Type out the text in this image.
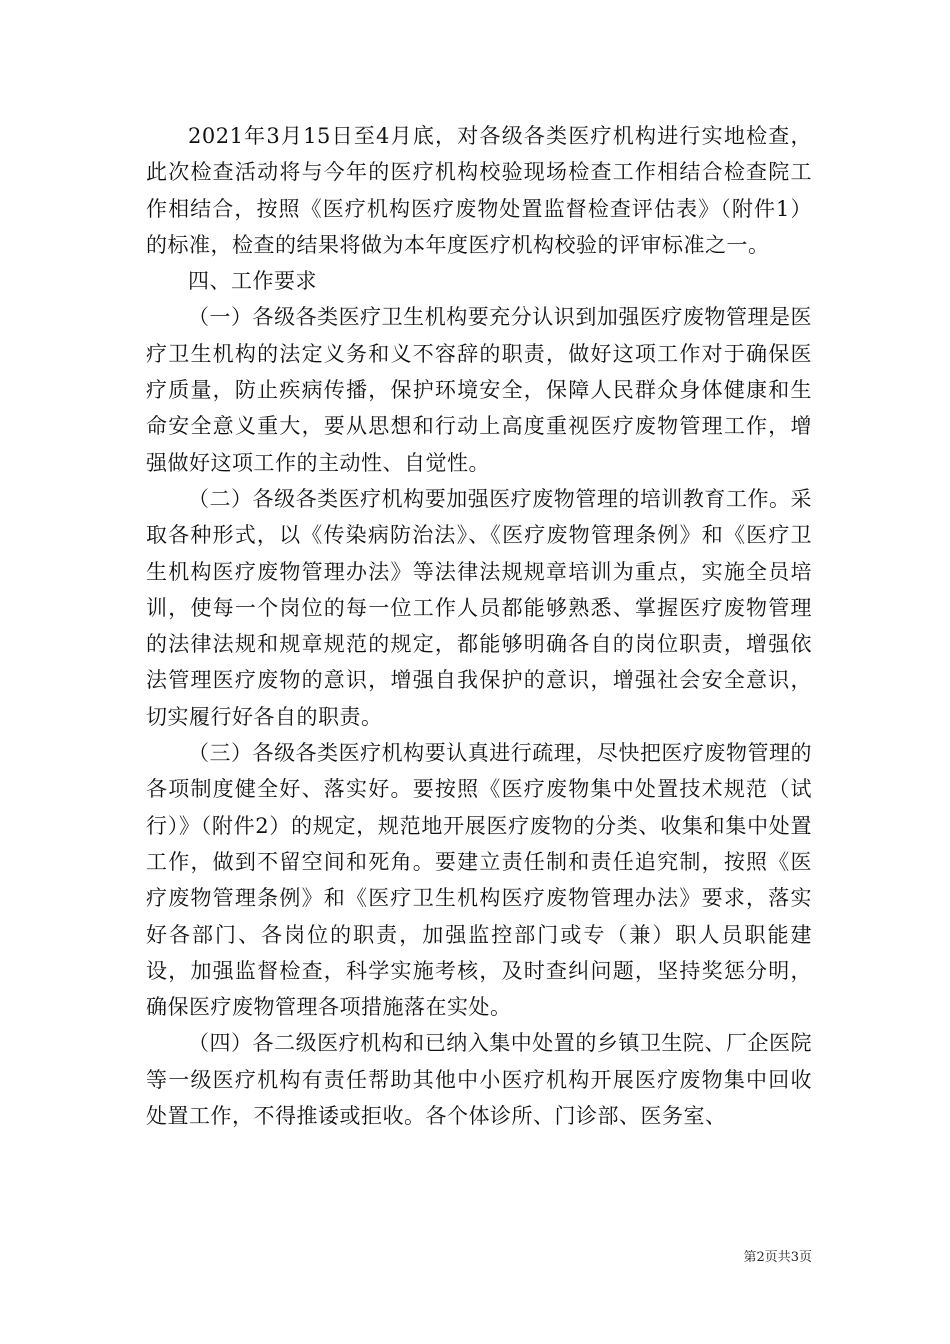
2021年3月15日至4月底，对各级各类医疗机构进行实地检查，此次检查活动将与今年的医疗机构校验现场检查工作相结合检查院工作相结合，按照《医疗机构医疗废物处置监督检查评估表》（附件1）的标准，检查的结果将做为本年度医疗机构校验的评审标准之一。

四、工作要求

（一）各级各类医疗卫生机构要充分认识到加强医疗废物管理是医疗卫生机构的法定义务和义不容辞的职责，做好这项工作对于确保医疗质量，防止疾病传播，保护环境安全，保障人民群众身体健康和生命安全意义重大，要从思想和行动上高度重视医疗废物管理工作，增强做好这项工作的主动性、自觉性。

（二）各级各类医疗机构要加强医疗废物管理的培训教育工作。采取各种形式，以《传染病防治法》、《医疗废物管理条例》和《医疗卫生机构医疗废物管理办法》等法律法规规章培训为重点，实施全员培训，使每一个岗位的每一位工作人员都能够熟悉、掌握医疗废物管理的法律法规和规章规范的规定，都能够明确各自的岗位职责，增强依法管理医疗废物的意识，增强自我保护的意识，增强社会安全意识，切实履行好各自的职责。

（三）各级各类医疗机构要认真进行疏理，尽快把医疗废物管理的各项制度健全好、落实好。要按照《医疗废物集中处置技术规范（试行）》（附件2）的规定，规范地开展医疗废物的分类、收集和集中处置工作，做到不留空间和死角。要建立责任制和责任追究制，按照《医疗废物管理条例》和《医疗卫生机构医疗废物管理办法》要求，落实好各部门、各岗位的职责，加强监控部门或专（兼）职人员职能建设，加强监督检查，科学实施考核，及时查纠问题，坚持奖惩分明，确保医疗废物管理各项措施落在实处。

（四）各二级医疗机构和已纳入集中处置的乡镇卫生院、厂企医院等一级医疗机构有责任帮助其他中小医疗机构开展医疗废物集中回收处置工作，不得推诿或拒收。各个体诊所、门诊部、医务室、

第2页共3页
